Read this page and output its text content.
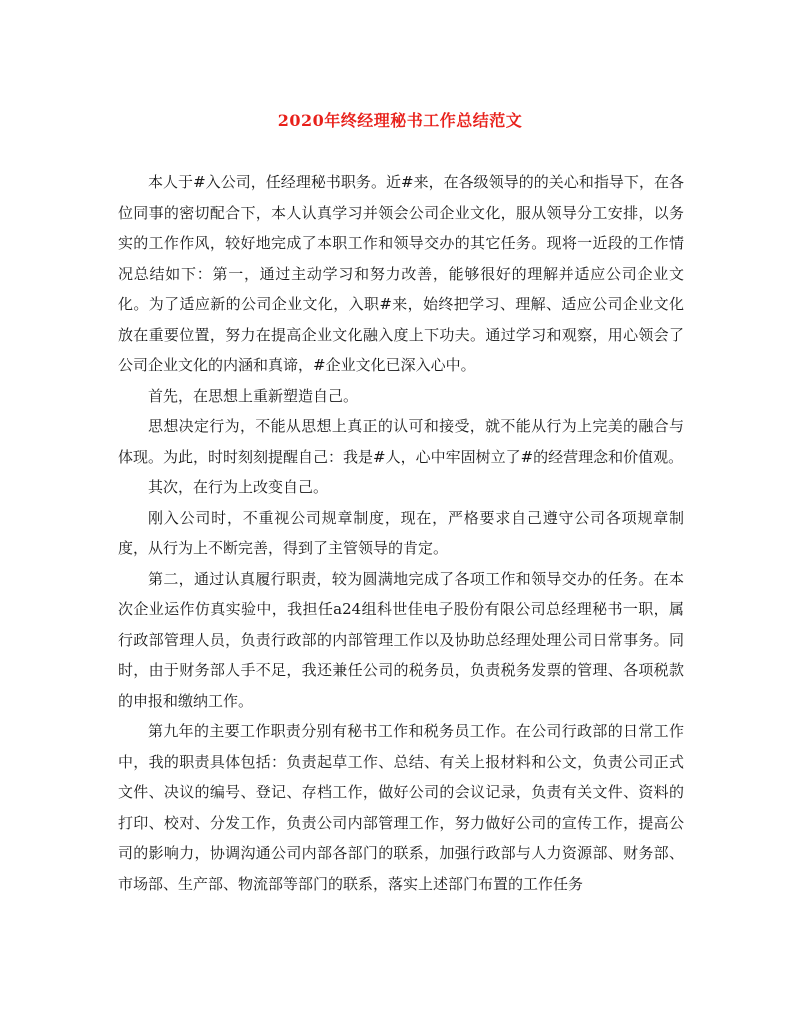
2020年终经理秘书工作总结范文

本人于#入公司，任经理秘书职务。近#来，在各级领导的的关心和指导下，在各位同事的密切配合下，本人认真学习并领会公司企业文化，服从领导分工安排，以务实的工作作风，较好地完成了本职工作和领导交办的其它任务。现将一近段的工作情况总结如下：第一，通过主动学习和努力改善，能够很好的理解并适应公司企业文化。为了适应新的公司企业文化，入职#来，始终把学习、理解、适应公司企业文化放在重要位置，努力在提高企业文化融入度上下功夫。通过学习和观察，用心领会了公司企业文化的内涵和真谛，#企业文化已深入心中。

首先，在思想上重新塑造自己。

思想决定行为，不能从思想上真正的认可和接受，就不能从行为上完美的融合与体现。为此，时时刻刻提醒自己：我是#人，心中牢固树立了#的经营理念和价值观。

其次，在行为上改变自己。

刚入公司时，不重视公司规章制度，现在，严格要求自己遵守公司各项规章制度，从行为上不断完善，得到了主管领导的肯定。

第二，通过认真履行职责，较为圆满地完成了各项工作和领导交办的任务。在本次企业运作仿真实验中，我担任a24组科世佳电子股份有限公司总经理秘书一职，属行政部管理人员，负责行政部的内部管理工作以及协助总经理处理公司日常事务。同时，由于财务部人手不足，我还兼任公司的税务员，负责税务发票的管理、各项税款的申报和缴纳工作。

第九年的主要工作职责分别有秘书工作和税务员工作。在公司行政部的日常工作中，我的职责具体包括：负责起草工作、总结、有关上报材料和公文，负责公司正式文件、决议的编号、登记、存档工作，做好公司的会议记录，负责有关文件、资料的打印、校对、分发工作，负责公司内部管理工作，努力做好公司的宣传工作，提高公司的影响力，协调沟通公司内部各部门的联系，加强行政部与人力资源部、财务部、市场部、生产部、物流部等部门的联系，落实上述部门布置的工作任务
